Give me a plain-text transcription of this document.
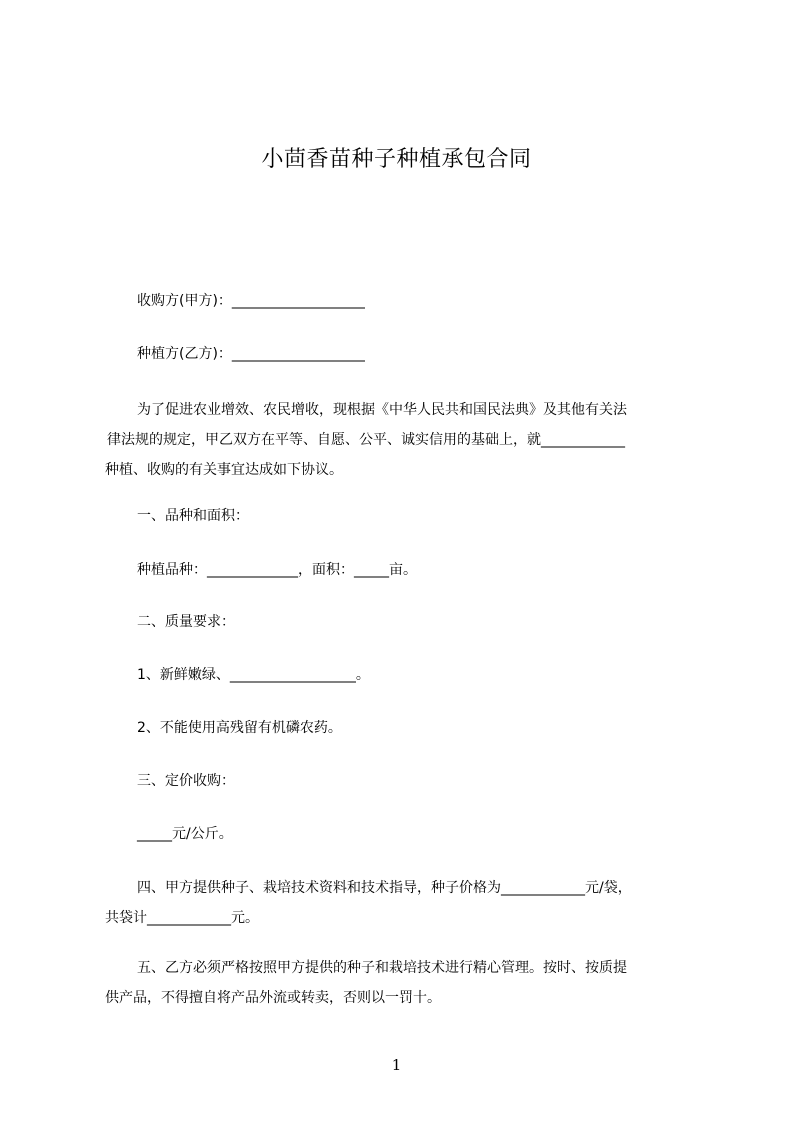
小茴香苗种子种植承包合同
收购方(甲方)：___________________
种植方(乙方)：___________________
为了促进农业增效、农民增收，现根据《中华人民共和国民法典》及其他有关法
律法规的规定，甲乙双方在平等、自愿、公平、诚实信用的基础上，就____________
种植、收购的有关事宜达成如下协议。
一、品种和面积：
种植品种：_____________，面积：_____亩。
二、质量要求：
1、新鲜嫩绿、__________________。
2、不能使用高残留有机磷农药。
三、定价收购：
_____元/公斤。
四、甲方提供种子、栽培技术资料和技术指导，种子价格为____________元/袋，
共袋计____________元。
五、乙方必须严格按照甲方提供的种子和栽培技术进行精心管理。按时、按质提
供产品，不得擅自将产品外流或转卖，否则以一罚十。
1
